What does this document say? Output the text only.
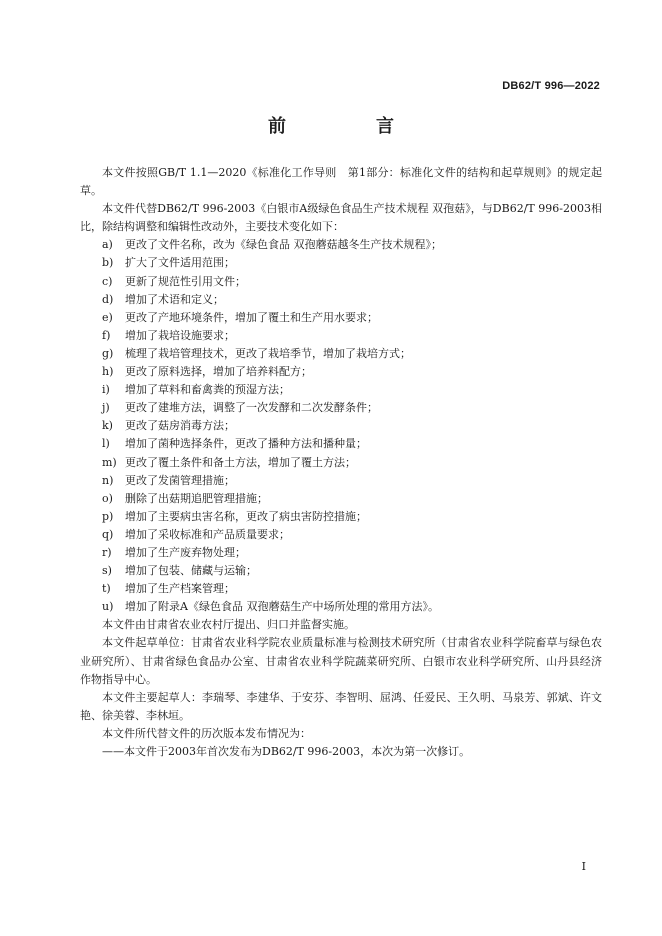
DB62/T 996—2022
前　言

本文件按照GB/T 1.1—2020《标准化工作导则　第1部分：标准化文件的结构和起草规则》的规定起草。

本文件代替DB62/T 996-2003《白银市A级绿色食品生产技术规程 双孢菇》，与DB62/T 996-2003相比，除结构调整和编辑性改动外，主要技术变化如下：

a)	更改了文件名称，改为《绿色食品 双孢蘑菇越冬生产技术规程》；
b)	扩大了文件适用范围；
c)	更新了规范性引用文件；
d)	增加了术语和定义；
e)	更改了产地环境条件，增加了覆土和生产用水要求；
f)	增加了栽培设施要求；
g)	梳理了栽培管理技术，更改了栽培季节，增加了栽培方式；
h)	更改了原料选择，增加了培养料配方；
i)	增加了草料和畜禽粪的预湿方法；
j)	更改了建堆方法，调整了一次发酵和二次发酵条件；
k)	更改了菇房消毒方法；
l)	增加了菌种选择条件，更改了播种方法和播种量；
m) 更改了覆土条件和备土方法，增加了覆土方法；
n)	更改了发菌管理措施；
o)	删除了出菇期追肥管理措施；
p)	增加了主要病虫害名称，更改了病虫害防控措施；
q)	增加了采收标准和产品质量要求；
r)	增加了生产废弃物处理；
s)	增加了包装、储藏与运输；
t)	增加了生产档案管理；
u)	增加了附录A《绿色食品 双孢蘑菇生产中场所处理的常用方法》。

本文件由甘肃省农业农村厅提出、归口并监督实施。

本文件起草单位：甘肃省农业科学院农业质量标准与检测技术研究所（甘肃省农业科学院畜草与绿色农业研究所）、甘肃省绿色食品办公室、甘肃省农业科学院蔬菜研究所、白银市农业科学研究所、山丹县经济作物指导中心。

本文件主要起草人：李瑞琴、李建华、于安芬、李智明、屈鸿、任爱民、王久明、马泉芳、郭斌、许文艳、徐美蓉、李林垣。

本文件所代替文件的历次版本发布情况为：

——本文件于2003年首次发布为DB62/T 996-2003，本次为第一次修订。

I
